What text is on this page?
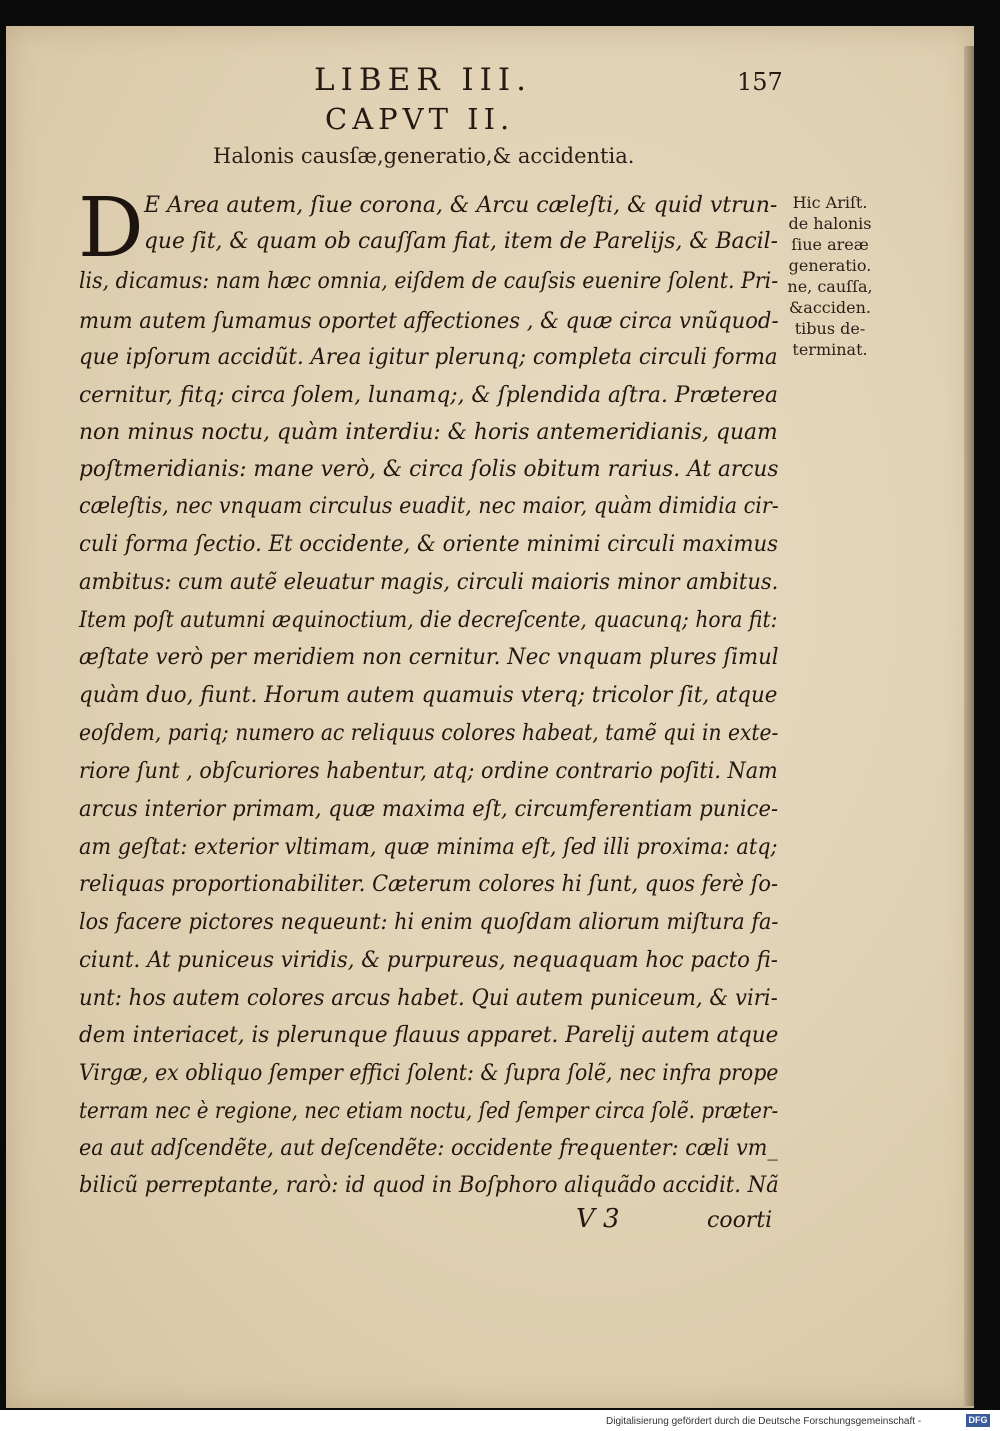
LIBER III.	157
CAPVT II.
Halonis causſæ,generatio,& accidentia.
D E Area autem, ſiue corona, & Arcu cæleſti, & quid vtrun-
que ſit, & quam ob cauſſam fiat, item de Parelijs, & Bacil-
lis, dicamus: nam hæc omnia, eiſdem de cauſsis euenire ſolent. Pri-
mum autem ſumamus oportet affectiones , & quæ circa vnũquod-
que ipſorum accidũt. Area igitur plerunq; completa circuli forma
cernitur, fitq; circa ſolem, lunamq;, & ſplendida aſtra. Præterea
non minus noctu, quàm interdiu: & horis antemeridianis, quam
poſtmeridianis: mane verò, & circa ſolis obitum rarius. At arcus
cæleſtis, nec vnquam circulus euadit, nec maior, quàm dimidia cir-
culi forma ſectio. Et occidente, & oriente minimi circuli maximus
ambitus: cum autẽ eleuatur magis, circuli maioris minor ambitus.
Item poſt autumni æquinoctium, die decreſcente, quacunq; hora fit:
æſtate verò per meridiem non cernitur. Nec vnquam plures ſimul
quàm duo, fiunt. Horum autem quamuis vterq; tricolor ſit, atque
eoſdem, pariq; numero ac reliquus colores habeat, tamẽ qui in exte-
riore ſunt , obſcuriores habentur, atq; ordine contrario poſiti. Nam
arcus interior primam, quæ maxima eſt, circumferentiam punice-
am geſtat: exterior vltimam, quæ minima eſt, ſed illi proxima: atq;
reliquas proportionabiliter. Cæterum colores hi ſunt, quos ferè ſo-
los facere pictores nequeunt: hi enim quoſdam aliorum miſtura fa-
ciunt. At puniceus viridis, & purpureus, nequaquam hoc pacto fi-
unt: hos autem colores arcus habet. Qui autem puniceum, & viri-
dem interiacet, is plerunque flauus apparet. Parelij autem atque
Virgæ, ex obliquo ſemper effici ſolent: & ſupra ſolẽ, nec infra prope
terram nec è regione, nec etiam noctu, ſed ſemper circa ſolẽ. præter-
ea aut adſcendẽte, aut deſcendẽte: occidente frequenter: cæli vm_
bilicũ perreptante, rarò: id quod in Boſphoro aliquãdo accidit. Nã
Hic Ariſt.
de halonis
ſiue areæ
generatio.
ne, cauſſa,
&acciden.
tibus de-
terminat.
V 3	coorti
Digitalisierung gefördert durch die Deutsche Forschungsgemeinschaft -	DFG
